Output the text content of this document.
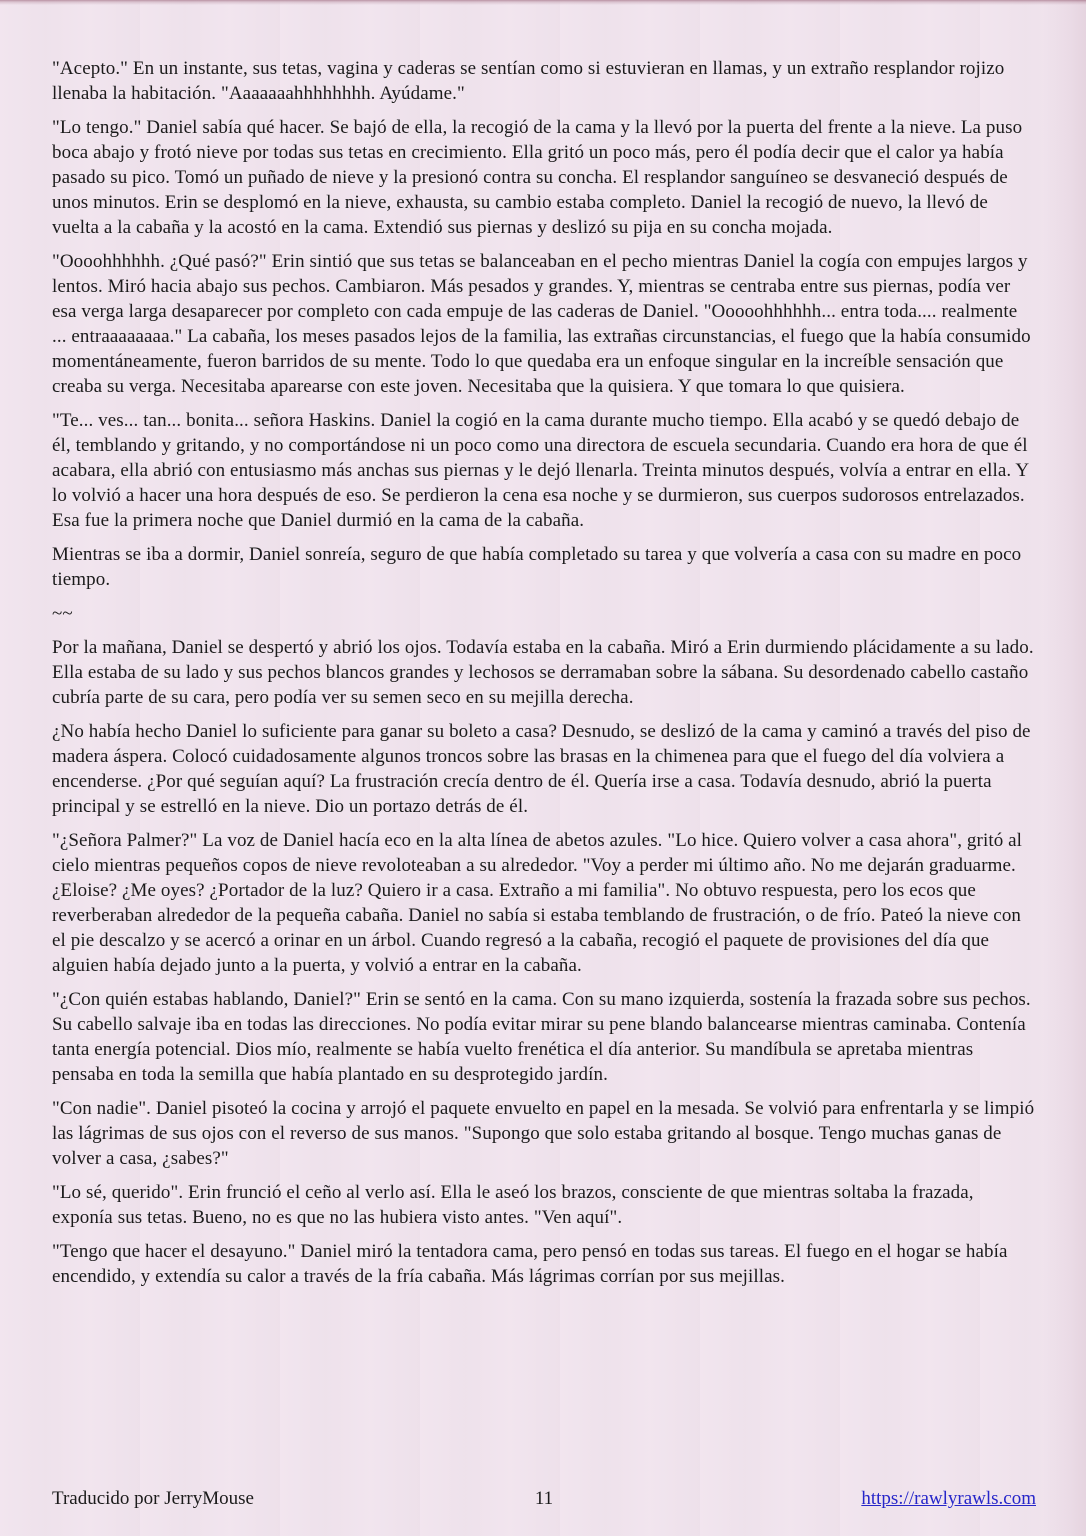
"Acepto." En un instante, sus tetas, vagina y caderas se sentían como si estuvieran en llamas, y un extraño resplandor rojizo llenaba la habitación. "Aaaaaaahhhhhhhh. Ayúdame."

"Lo tengo." Daniel sabía qué hacer. Se bajó de ella, la recogió de la cama y la llevó por la puerta del frente a la nieve. La puso boca abajo y frotó nieve por todas sus tetas en crecimiento. Ella gritó un poco más, pero él podía decir que el calor ya había pasado su pico. Tomó un puñado de nieve y la presionó contra su concha. El resplandor sanguíneo se desvaneció después de unos minutos. Erin se desplomó en la nieve, exhausta, su cambio estaba completo. Daniel la recogió de nuevo, la llevó de vuelta a la cabaña y la acostó en la cama. Extendió sus piernas y deslizó su pija en su concha mojada.

"Oooohhhhhh. ¿Qué pasó?" Erin sintió que sus tetas se balanceaban en el pecho mientras Daniel la cogía con empujes largos y lentos. Miró hacia abajo sus pechos. Cambiaron. Más pesados y grandes. Y, mientras se centraba entre sus piernas, podía ver esa verga larga desaparecer por completo con cada empuje de las caderas de Daniel. "Ooooohhhhhh... entra toda.... realmente ... entraaaaaaaa." La cabaña, los meses pasados lejos de la familia, las extrañas circunstancias, el fuego que la había consumido momentáneamente, fueron barridos de su mente. Todo lo que quedaba era un enfoque singular en la increíble sensación que creaba su verga. Necesitaba aparearse con este joven. Necesitaba que la quisiera. Y que tomara lo que quisiera.

"Te... ves... tan... bonita... señora Haskins. Daniel la cogió en la cama durante mucho tiempo. Ella acabó y se quedó debajo de él, temblando y gritando, y no comportándose ni un poco como una directora de escuela secundaria. Cuando era hora de que él acabara, ella abrió con entusiasmo más anchas sus piernas y le dejó llenarla. Treinta minutos después, volvía a entrar en ella. Y lo volvió a hacer una hora después de eso. Se perdieron la cena esa noche y se durmieron, sus cuerpos sudorosos entrelazados. Esa fue la primera noche que Daniel durmió en la cama de la cabaña.

Mientras se iba a dormir, Daniel sonreía, seguro de que había completado su tarea y que volvería a casa con su madre en poco tiempo.

~~

Por la mañana, Daniel se despertó y abrió los ojos. Todavía estaba en la cabaña. Miró a Erin durmiendo plácidamente a su lado. Ella estaba de su lado y sus pechos blancos grandes y lechosos se derramaban sobre la sábana. Su desordenado cabello castaño cubría parte de su cara, pero podía ver su semen seco en su mejilla derecha.

¿No había hecho Daniel lo suficiente para ganar su boleto a casa? Desnudo, se deslizó de la cama y caminó a través del piso de madera áspera. Colocó cuidadosamente algunos troncos sobre las brasas en la chimenea para que el fuego del día volviera a encenderse. ¿Por qué seguían aquí? La frustración crecía dentro de él. Quería irse a casa. Todavía desnudo, abrió la puerta principal y se estrelló en la nieve. Dio un portazo detrás de él.

"¿Señora Palmer?" La voz de Daniel hacía eco en la alta línea de abetos azules. "Lo hice. Quiero volver a casa ahora", gritó al cielo mientras pequeños copos de nieve revoloteaban a su alrededor. "Voy a perder mi último año. No me dejarán graduarme. ¿Eloise? ¿Me oyes? ¿Portador de la luz? Quiero ir a casa. Extraño a mi familia". No obtuvo respuesta, pero los ecos que reverberaban alrededor de la pequeña cabaña. Daniel no sabía si estaba temblando de frustración, o de frío. Pateó la nieve con el pie descalzo y se acercó a orinar en un árbol. Cuando regresó a la cabaña, recogió el paquete de provisiones del día que alguien había dejado junto a la puerta, y volvió a entrar en la cabaña.

"¿Con quién estabas hablando, Daniel?" Erin se sentó en la cama. Con su mano izquierda, sostenía la frazada sobre sus pechos. Su cabello salvaje iba en todas las direcciones. No podía evitar mirar su pene blando balancearse mientras caminaba. Contenía tanta energía potencial. Dios mío, realmente se había vuelto frenética el día anterior. Su mandíbula se apretaba mientras pensaba en toda la semilla que había plantado en su desprotegido jardín.

"Con nadie". Daniel pisoteó la cocina y arrojó el paquete envuelto en papel en la mesada. Se volvió para enfrentarla y se limpió las lágrimas de sus ojos con el reverso de sus manos. "Supongo que solo estaba gritando al bosque. Tengo muchas ganas de volver a casa, ¿sabes?"

"Lo sé, querido". Erin frunció el ceño al verlo así. Ella le aseó los brazos, consciente de que mientras soltaba la frazada, exponía sus tetas. Bueno, no es que no las hubiera visto antes. "Ven aquí".

"Tengo que hacer el desayuno." Daniel miró la tentadora cama, pero pensó en todas sus tareas. El fuego en el hogar se había encendido, y extendía su calor a través de la fría cabaña. Más lágrimas corrían por sus mejillas.

Traducido por JerryMouse	11	https://rawlyrawls.com
